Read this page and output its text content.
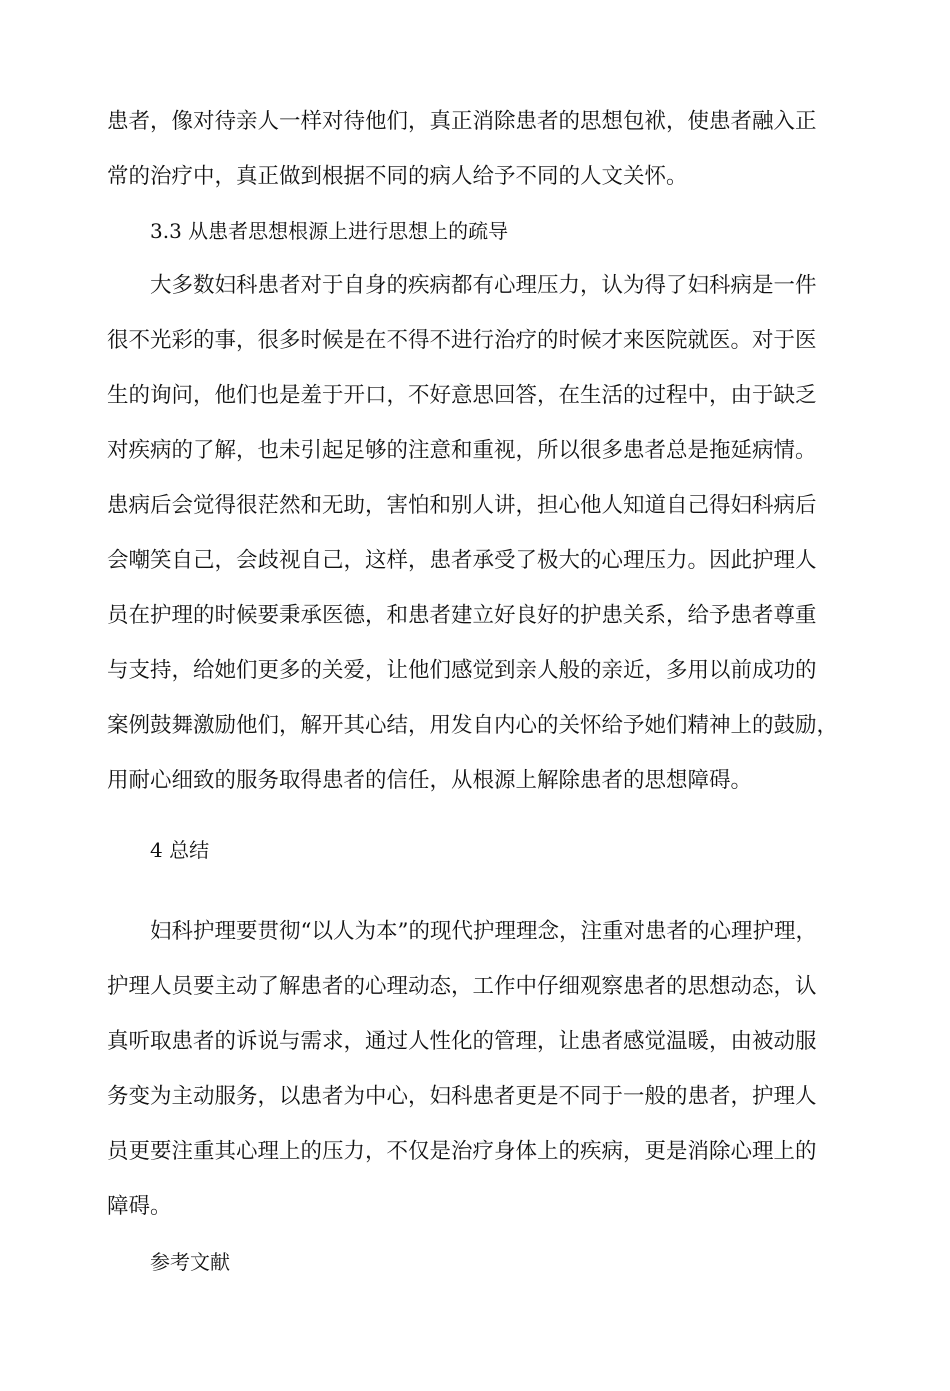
患者，像对待亲人一样对待他们，真正消除患者的思想包袱，使患者融入正
常的治疗中，真正做到根据不同的病人给予不同的人文关怀。
3.3 从患者思想根源上进行思想上的疏导
　　大多数妇科患者对于自身的疾病都有心理压力，认为得了妇科病是一件
很不光彩的事，很多时候是在不得不进行治疗的时候才来医院就医。对于医
生的询问，他们也是羞于开口，不好意思回答，在生活的过程中，由于缺乏
对疾病的了解，也未引起足够的注意和重视，所以很多患者总是拖延病情。
患病后会觉得很茫然和无助，害怕和别人讲，担心他人知道自己得妇科病后
会嘲笑自己，会歧视自己，这样，患者承受了极大的心理压力。因此护理人
员在护理的时候要秉承医德，和患者建立好良好的护患关系，给予患者尊重
与支持，给她们更多的关爱，让他们感觉到亲人般的亲近，多用以前成功的
案例鼓舞激励他们，解开其心结，用发自内心的关怀给予她们精神上的鼓励，
用耐心细致的服务取得患者的信任，从根源上解除患者的思想障碍。
4 总结
　　妇科护理要贯彻“以人为本”的现代护理理念，注重对患者的心理护理，
护理人员要主动了解患者的心理动态，工作中仔细观察患者的思想动态，认
真听取患者的诉说与需求，通过人性化的管理，让患者感觉温暖，由被动服
务变为主动服务，以患者为中心，妇科患者更是不同于一般的患者，护理人
员更要注重其心理上的压力，不仅是治疗身体上的疾病，更是消除心理上的
障碍。
参考文献
